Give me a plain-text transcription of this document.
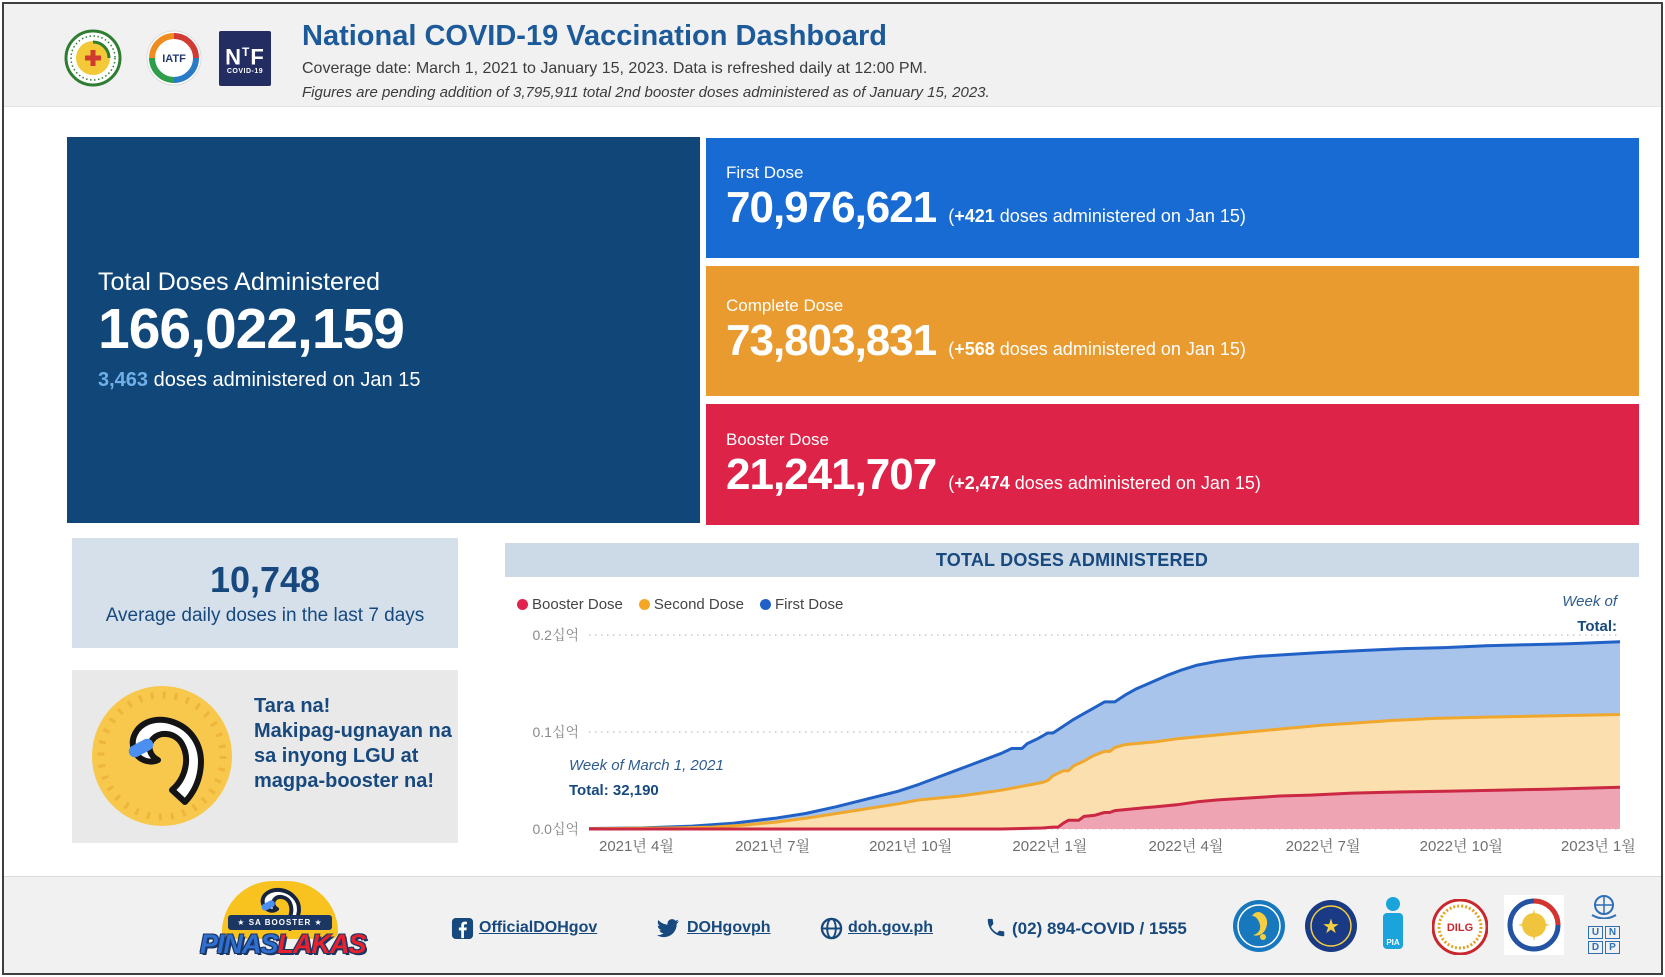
IATF $N^TF$
COVID-19
National COVID-19 Vaccination Dashboard
Coverage date: March 1, 2021 to January 15, 2023. Data is refreshed daily at 12:00 PM.
Figures are pending addition of 3,795,911 total 2nd booster doses administered as of January 15, 2023.
Total Doses Administered
166,022,159
3,463 doses administered on Jan 15
First Dose
70,976,621 (+421 doses administered on Jan 15)
Complete Dose
73,803,831 (+568 doses administered on Jan 15)
Booster Dose
21,241,707 (+2,474 doses administered on Jan 15)
10,748
Average daily doses in the last 7 days
Tara na!
Makipag-ugnayan na
sa inyong LGU at
magpa-booster na!
TOTAL DOSES ADMINISTERED
Booster Dose Second Dose First Dose
0.0십억
0.1십억
0.2십억
2021년 4월	2021년 7월	2021년 10월	2022년 1월	2022년 4월	2022년 7월	2022년 10월	2023년 1월
Week of March 1, 2021
Total: 32,190
Week of
Total:
★ SA BOOSTER ★
PINASLAKAS
OfficialDOHgov	DOHgovph	doh.gov.ph	(02) 894-COVID / 1555	★
PIA
DILG	U N
D	P
